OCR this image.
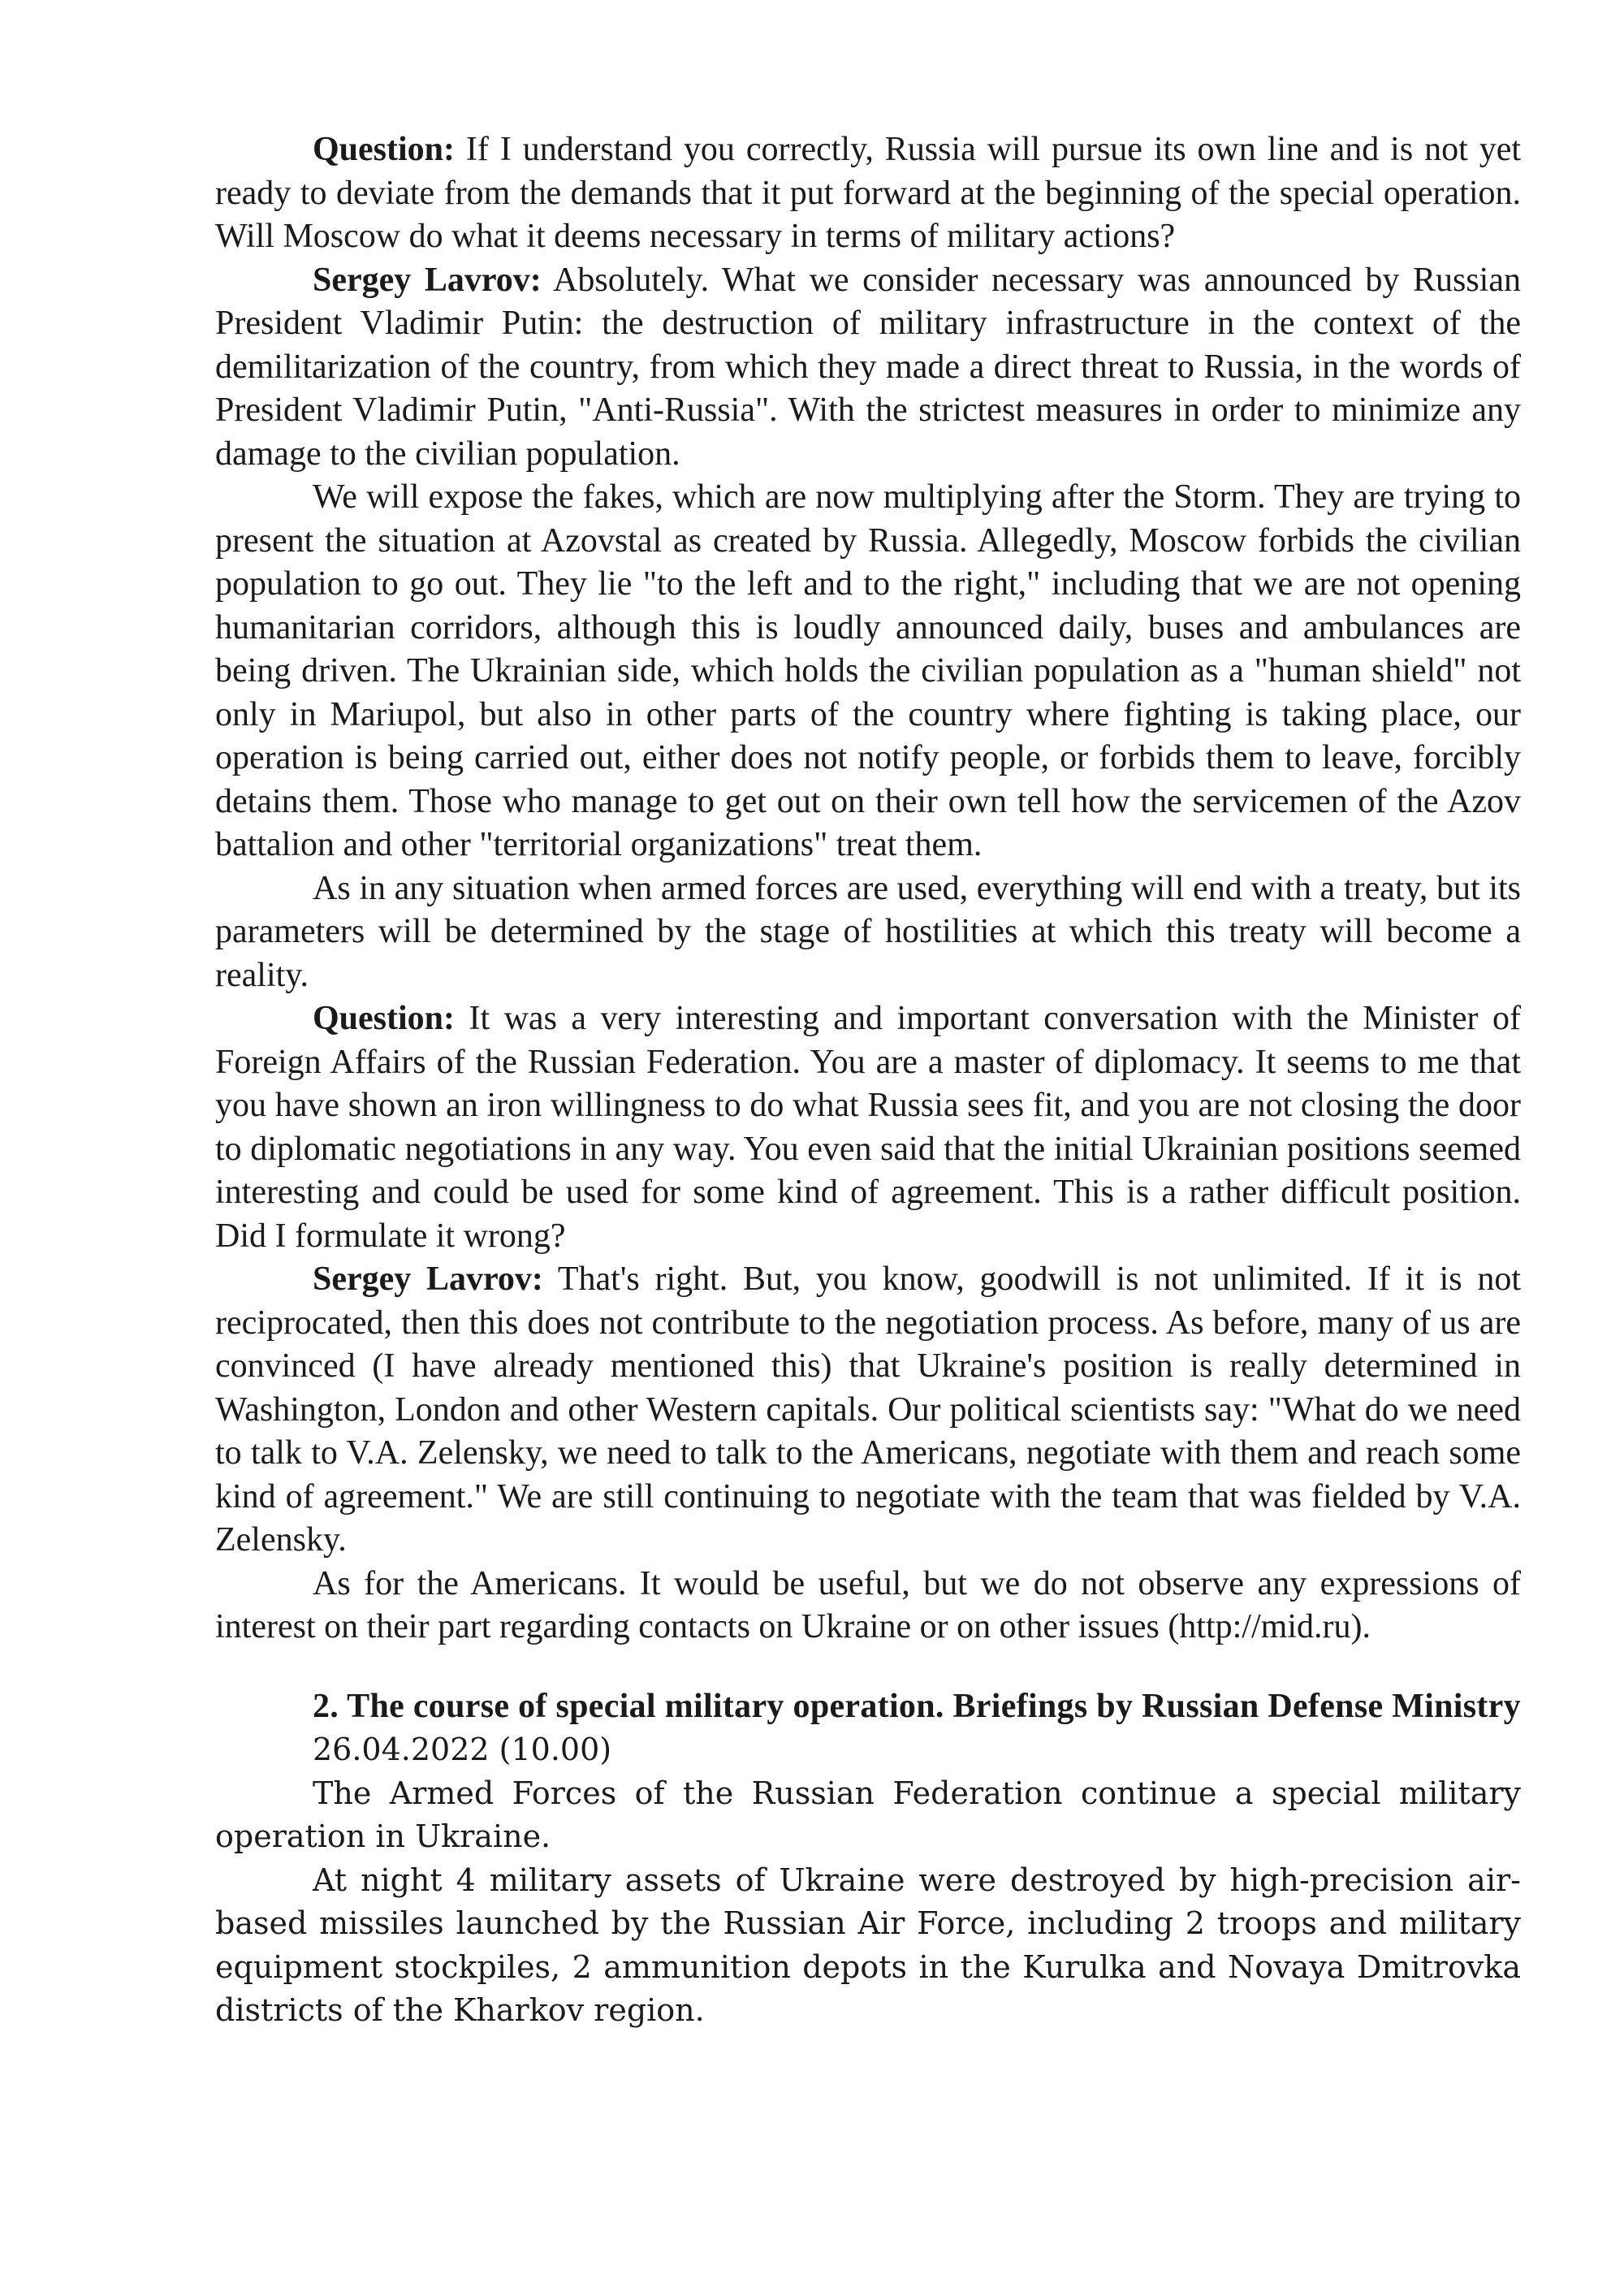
Question: If I understand you correctly, Russia will pursue its own line and is not yet ready to deviate from the demands that it put forward at the beginning of the special operation. Will Moscow do what it deems necessary in terms of military actions?

Sergey Lavrov: Absolutely. What we consider necessary was announced by Russian President Vladimir Putin: the destruction of military infrastructure in the context of the demilitarization of the country, from which they made a direct threat to Russia, in the words of President Vladimir Putin, "Anti-Russia". With the strictest measures in order to minimize any damage to the civilian population.

We will expose the fakes, which are now multiplying after the Storm. They are trying to present the situation at Azovstal as created by Russia. Allegedly, Moscow forbids the civilian population to go out. They lie "to the left and to the right," including that we are not opening humanitarian corridors, although this is loudly announced daily, buses and ambulances are being driven. The Ukrainian side, which holds the civilian population as a "human shield" not only in Mariupol, but also in other parts of the country where fighting is taking place, our operation is being carried out, either does not notify people, or forbids them to leave, forcibly detains them. Those who manage to get out on their own tell how the servicemen of the Azov battalion and other "territorial organizations" treat them.

As in any situation when armed forces are used, everything will end with a treaty, but its parameters will be determined by the stage of hostilities at which this treaty will become a reality.

Question: It was a very interesting and important conversation with the Minister of Foreign Affairs of the Russian Federation. You are a master of diplomacy. It seems to me that you have shown an iron willingness to do what Russia sees fit, and you are not closing the door to diplomatic negotiations in any way. You even said that the initial Ukrainian positions seemed interesting and could be used for some kind of agreement. This is a rather difficult position. Did I formulate it wrong?

Sergey Lavrov: That's right. But, you know, goodwill is not unlimited. If it is not reciprocated, then this does not contribute to the negotiation process. As before, many of us are convinced (I have already mentioned this) that Ukraine's position is really determined in Washington, London and other Western capitals. Our political scientists say: "What do we need to talk to V.A. Zelensky, we need to talk to the Americans, negotiate with them and reach some kind of agreement." We are still continuing to negotiate with the team that was fielded by V.A. Zelensky.

As for the Americans. It would be useful, but we do not observe any expressions of interest on their part regarding contacts on Ukraine or on other issues (http://mid.ru).

2. The course of special military operation. Briefings by Russian Defense Ministry

26.04.2022 (10.00)

The Armed Forces of the Russian Federation continue a special military operation in Ukraine.

At night 4 military assets of Ukraine were destroyed by high-precision air-based missiles launched by the Russian Air Force, including 2 troops and military equipment stockpiles, 2 ammunition depots in the Kurulka and Novaya Dmitrovka districts of the Kharkov region.
